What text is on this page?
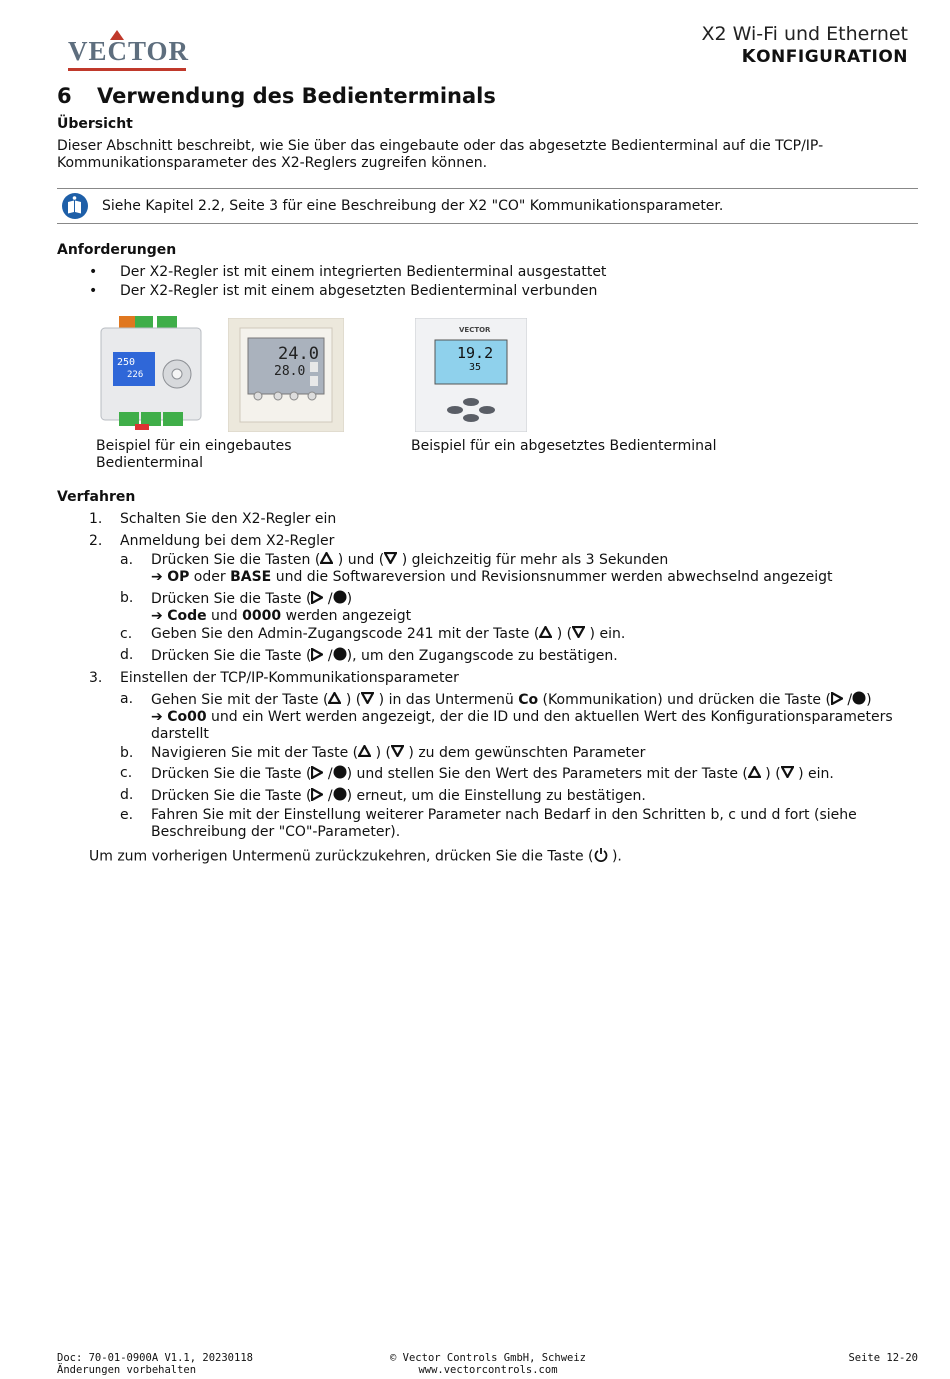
VECTOR
X2 Wi-Fi und Ethernet
KONFIGURATION
6 Verwendung des Bedienterminals
Übersicht
Dieser Abschnitt beschreibt, wie Sie über das eingebaute oder das abgesetzte Bedienterminal auf die TCP/IP-
Kommunikationsparameter des X2-Reglers zugreifen können.
Siehe Kapitel 2.2, Seite 3 für eine Beschreibung der X2 "CO" Kommunikationsparameter.
Anforderungen
• Der X2-Regler ist mit einem integrierten Bedienterminal ausgestattet
• Der X2-Regler ist mit einem abgesetzten Bedienterminal verbunden
250
226
24.0
28.0
VECTOR
19.2
35
Beispiel für ein eingebautes
Bedienterminal
Beispiel für ein abgesetztes Bedienterminal
Verfahren
1. Schalten Sie den X2-Regler ein
2. Anmeldung bei dem X2-Regler
a. Drücken Sie die Tasten ( ) und ( ) gleichzeitig für mehr als 3 Sekunden
➔ OP oder BASE und die Softwareversion und Revisionsnummer werden abwechselnd angezeigt
b. Drücken Sie die Taste ( / )
➔ Code und 0000 werden angezeigt
c. Geben Sie den Admin-Zugangscode 241 mit der Taste ( ) ( ) ein.
d. Drücken Sie die Taste ( / ), um den Zugangscode zu bestätigen.
3. Einstellen der TCP/IP-Kommunikationsparameter
a. Gehen Sie mit der Taste ( ) ( ) in das Untermenü Co (Kommunikation) und drücken die Taste ( / )
➔ Co00 und ein Wert werden angezeigt, der die ID und den aktuellen Wert des Konfigurationsparameters
darstellt
b. Navigieren Sie mit der Taste ( ) ( ) zu dem gewünschten Parameter
c. Drücken Sie die Taste ( / ) und stellen Sie den Wert des Parameters mit der Taste ( ) ( ) ein.
d. Drücken Sie die Taste ( / ) erneut, um die Einstellung zu bestätigen.
e. Fahren Sie mit der Einstellung weiterer Parameter nach Bedarf in den Schritten b, c und d fort (siehe
Beschreibung der "CO"-Parameter).
Um zum vorherigen Untermenü zurückzukehren, drücken Sie die Taste ( ).
Doc: 70-01-0900A V1.1, 20230118
Änderungen vorbehalten
© Vector Controls GmbH, Schweiz
www.vectorcontrols.com
Seite 12-20
